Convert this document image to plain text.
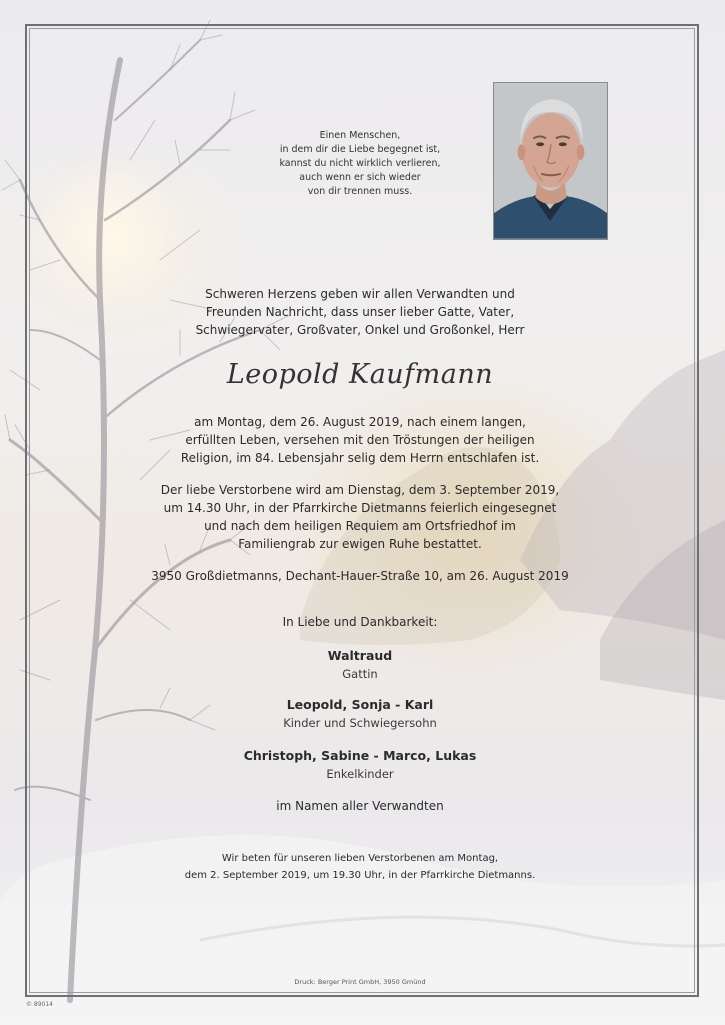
Einen Menschen,
in dem dir die Liebe begegnet ist,
kannst du nicht wirklich verlieren,
auch wenn er sich wieder
von dir trennen muss.
Schweren Herzens geben wir allen Verwandten und
Freunden Nachricht, dass unser lieber Gatte, Vater,
Schwiegervater, Großvater, Onkel und Großonkel, Herr
Leopold Kaufmann
am Montag, dem 26. August 2019, nach einem langen,
erfüllten Leben, versehen mit den Tröstungen der heiligen
Religion, im 84. Lebensjahr selig dem Herrn entschlafen ist.
Der liebe Verstorbene wird am Dienstag, dem 3. September 2019,
um 14.30 Uhr, in der Pfarrkirche Dietmanns feierlich eingesegnet
und nach dem heiligen Requiem am Ortsfriedhof im
Familiengrab zur ewigen Ruhe bestattet.
3950 Großdietmanns, Dechant-Hauer-Straße 10, am 26. August 2019
In Liebe und Dankbarkeit:
Waltraud
Gattin
Leopold, Sonja - Karl
Kinder und Schwiegersohn
Christoph, Sabine - Marco, Lukas
Enkelkinder
im Namen aller Verwandten
Wir beten für unseren lieben Verstorbenen am Montag,
dem 2. September 2019, um 19.30 Uhr, in der Pfarrkirche Dietmanns.
Druck: Berger Print GmbH, 3950 Gmünd
© 89014
